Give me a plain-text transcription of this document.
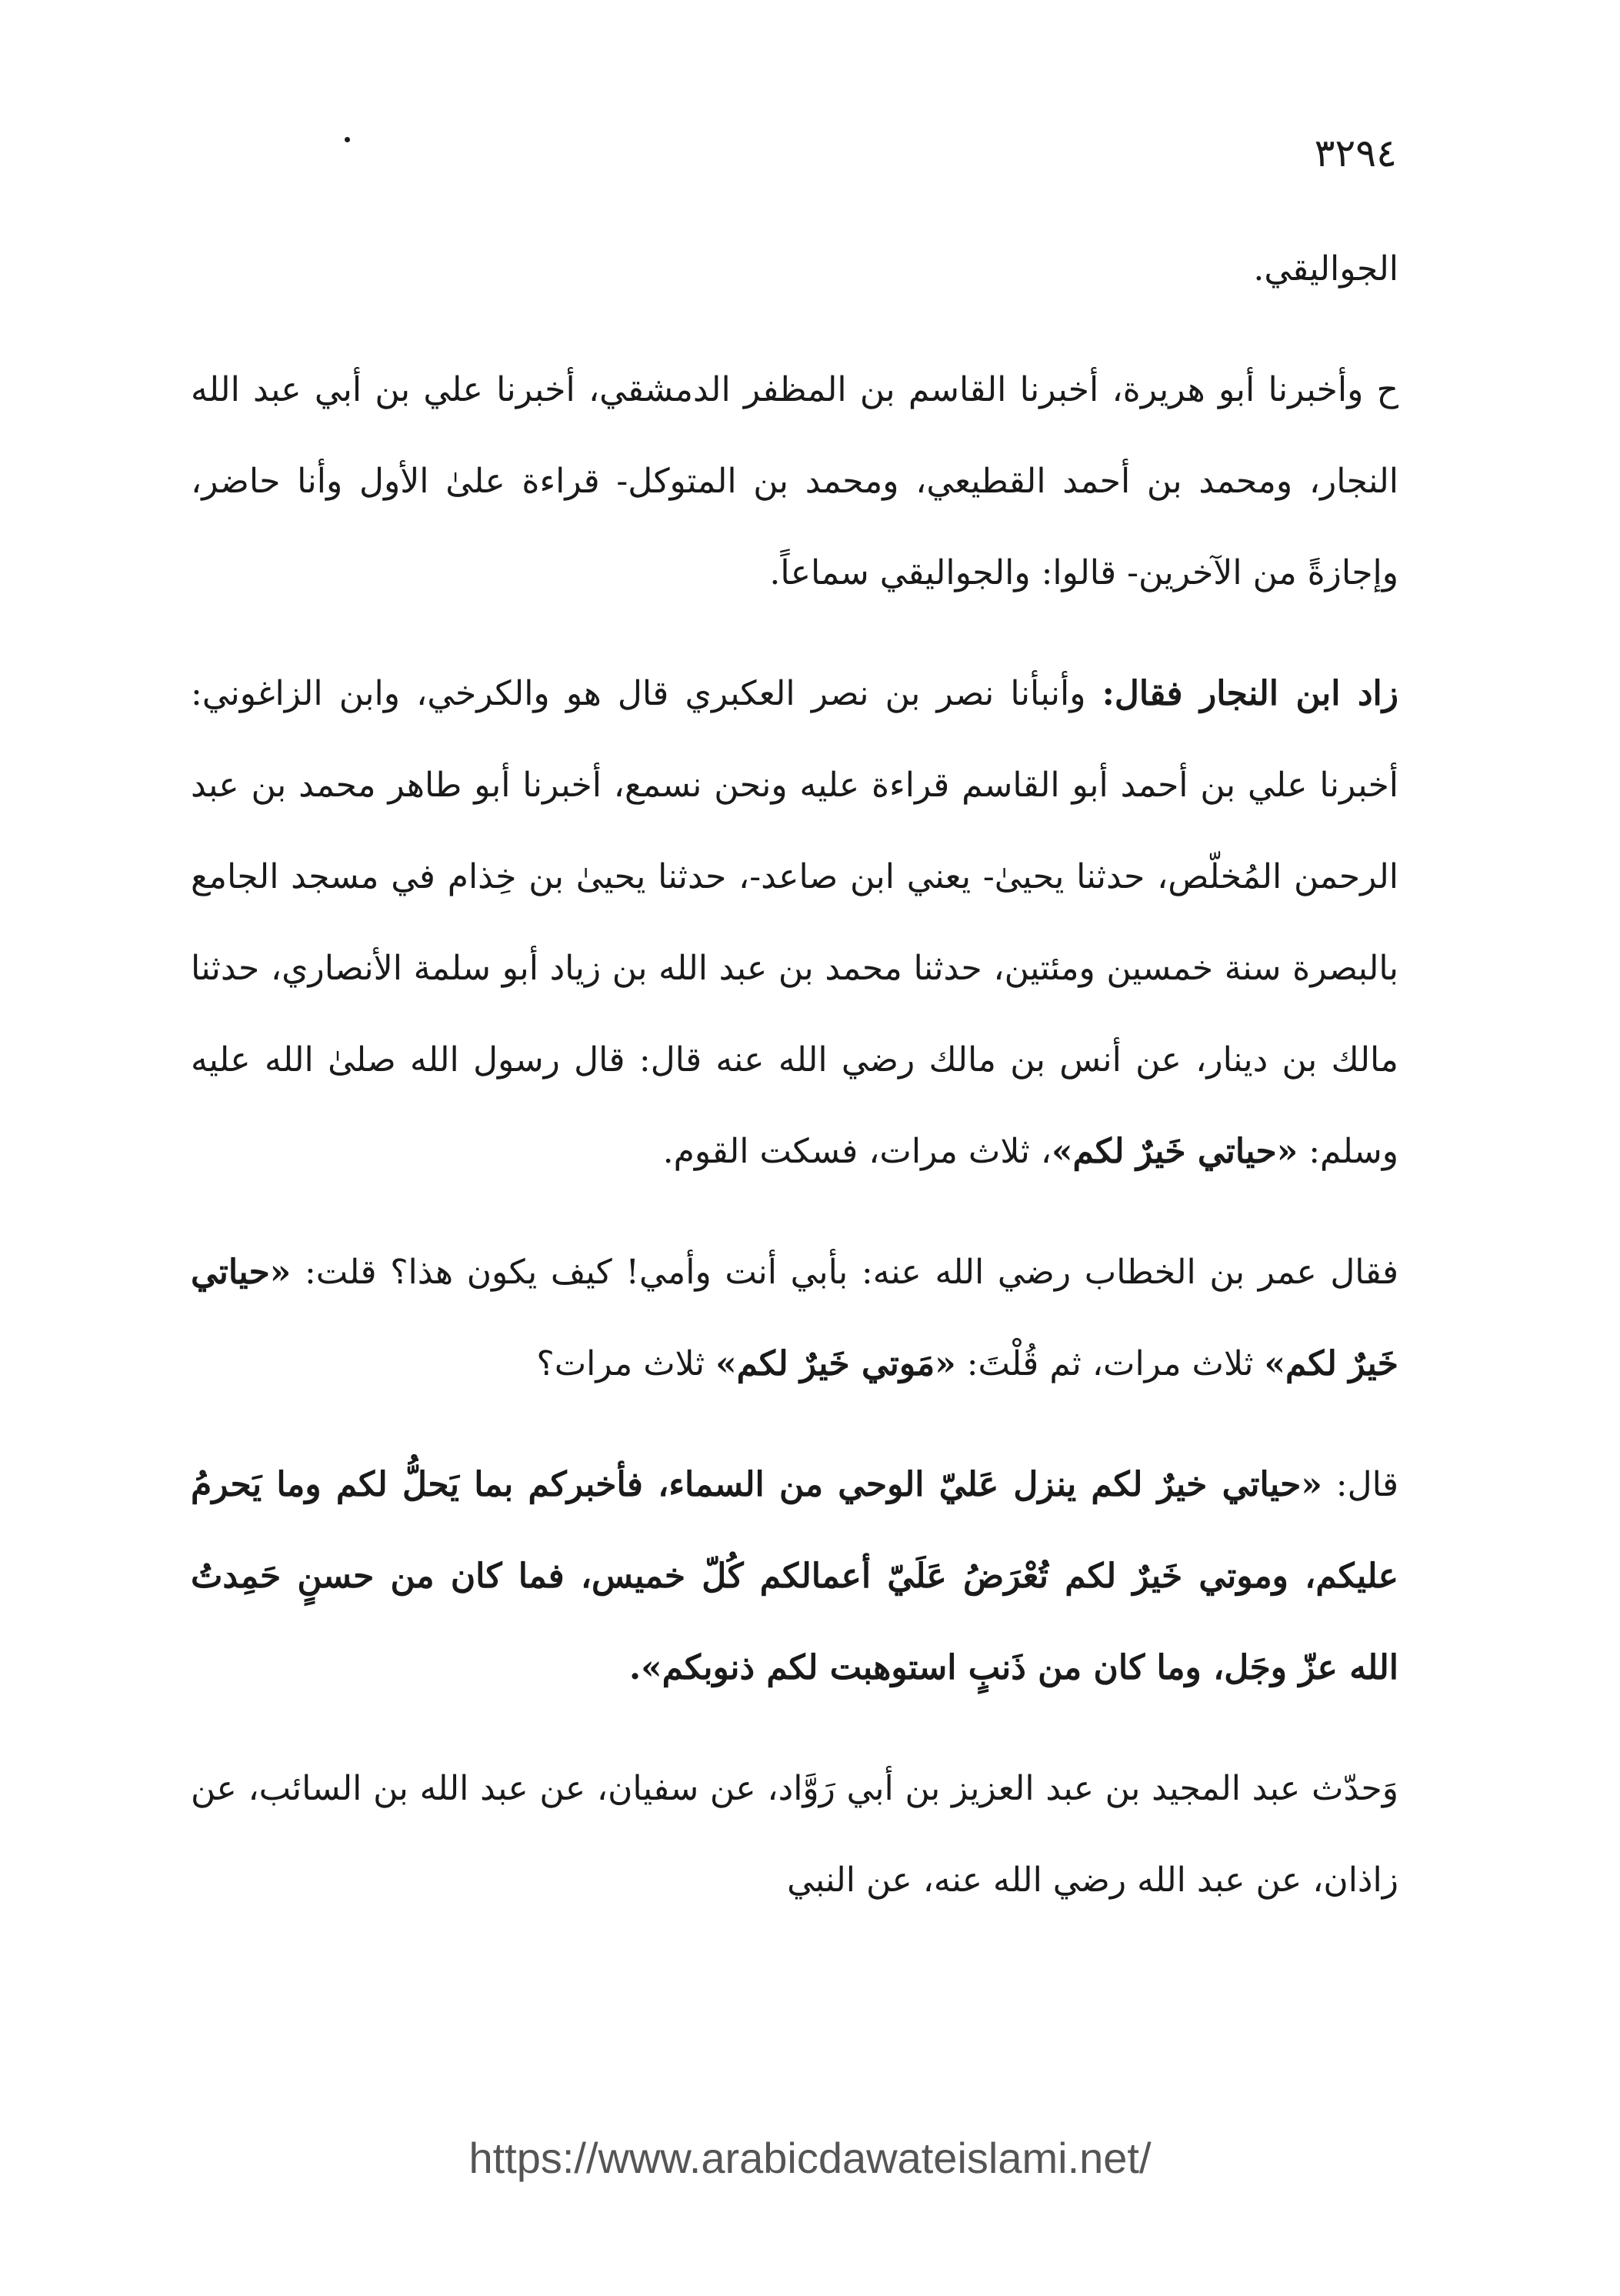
٣٢٩٤

الجواليقي.

ح وأخبرنا أبو هريرة، أخبرنا القاسم بن المظفر الدمشقي، أخبرنا علي بن أبي عبد الله النجار، ومحمد بن أحمد القطيعي، ومحمد بن المتوكل- قراءة علىٰ الأول وأنا حاضر، وإجازةً من الآخرين- قالوا: والجواليقي سماعاً.

زاد ابن النجار فقال: وأنبأنا نصر بن نصر العكبري قال هو والكرخي، وابن الزاغوني: أخبرنا علي بن أحمد أبو القاسم قراءة عليه ونحن نسمع، أخبرنا أبو طاهر محمد بن عبد الرحمن المُخلّص، حدثنا يحيىٰ- يعني ابن صاعد-، حدثنا يحيىٰ بن خِذام في مسجد الجامع بالبصرة سنة خمسين ومئتين، حدثنا محمد بن عبد الله بن زياد أبو سلمة الأنصاري، حدثنا مالك بن دينار، عن أنس بن مالك رضي الله عنه قال: قال رسول الله صلىٰ الله عليه وسلم: «حياتي خَيرٌ لكم»، ثلاث مرات، فسكت القوم.

فقال عمر بن الخطاب رضي الله عنه: بأبي أنت وأمي! كيف يكون هذا؟ قلت: «حياتي خَيرٌ لكم» ثلاث مرات، ثم قُلْتَ: «مَوتي خَيرٌ لكم» ثلاث مرات؟

قال: «حياتي خيرٌ لكم ينزل عَليّ الوحي من السماء، فأخبركم بما يَحلُّ لكم وما يَحرمُ عليكم، وموتي خَيرٌ لكم تُعْرَضُ عَلَيّ أعمالكم كُلّ خميس، فما كان من حسنٍ حَمِدتُ الله عزّ وجَل، وما كان من ذَنبٍ استوهبت لكم ذنوبكم».

وَحدّث عبد المجيد بن عبد العزيز بن أبي رَوَّاد، عن سفيان، عن عبد الله بن السائب، عن زاذان، عن عبد الله رضي الله عنه، عن النبي

https://www.arabicdawateislami.net/
